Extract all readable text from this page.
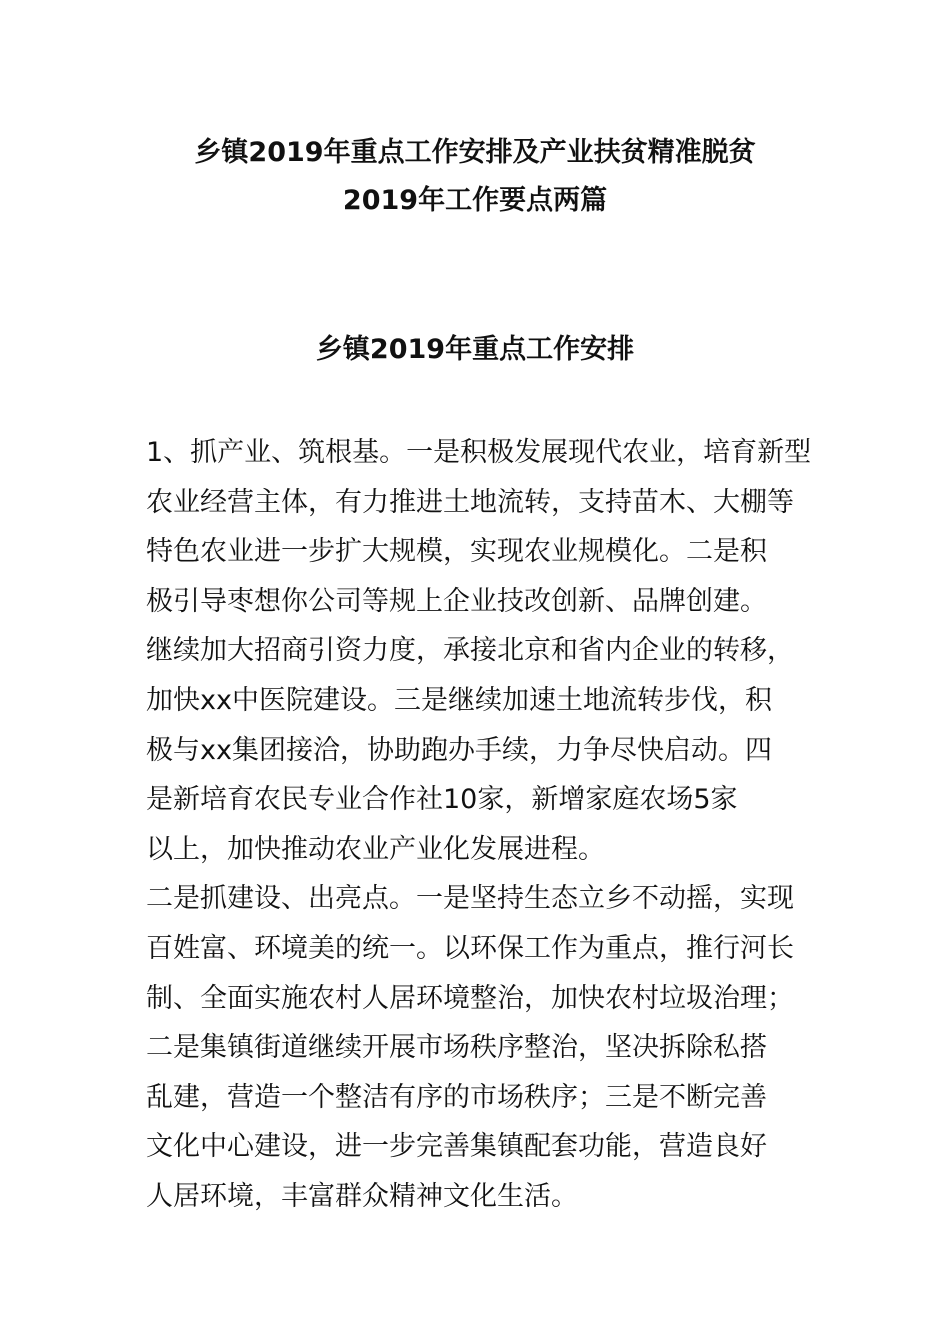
乡镇2019年重点工作安排及产业扶贫精准脱贫
2019年工作要点两篇
乡镇2019年重点工作安排
1、抓产业、筑根基。一是积极发展现代农业，培育新型
农业经营主体，有力推进土地流转，支持苗木、大棚等
特色农业进一步扩大规模，实现农业规模化。二是积
极引导枣想你公司等规上企业技改创新、品牌创建。
继续加大招商引资力度，承接北京和省内企业的转移，
加快xx中医院建设。三是继续加速土地流转步伐，积
极与xx集团接洽，协助跑办手续，力争尽快启动。四
是新培育农民专业合作社10家，新增家庭农场5家
以上，加快推动农业产业化发展进程。
二是抓建设、出亮点。一是坚持生态立乡不动摇，实现
百姓富、环境美的统一。以环保工作为重点，推行河长
制、全面实施农村人居环境整治，加快农村垃圾治理；
二是集镇街道继续开展市场秩序整治，坚决拆除私搭
乱建，营造一个整洁有序的市场秩序；三是不断完善
文化中心建设，进一步完善集镇配套功能，营造良好
人居环境，丰富群众精神文化生活。
